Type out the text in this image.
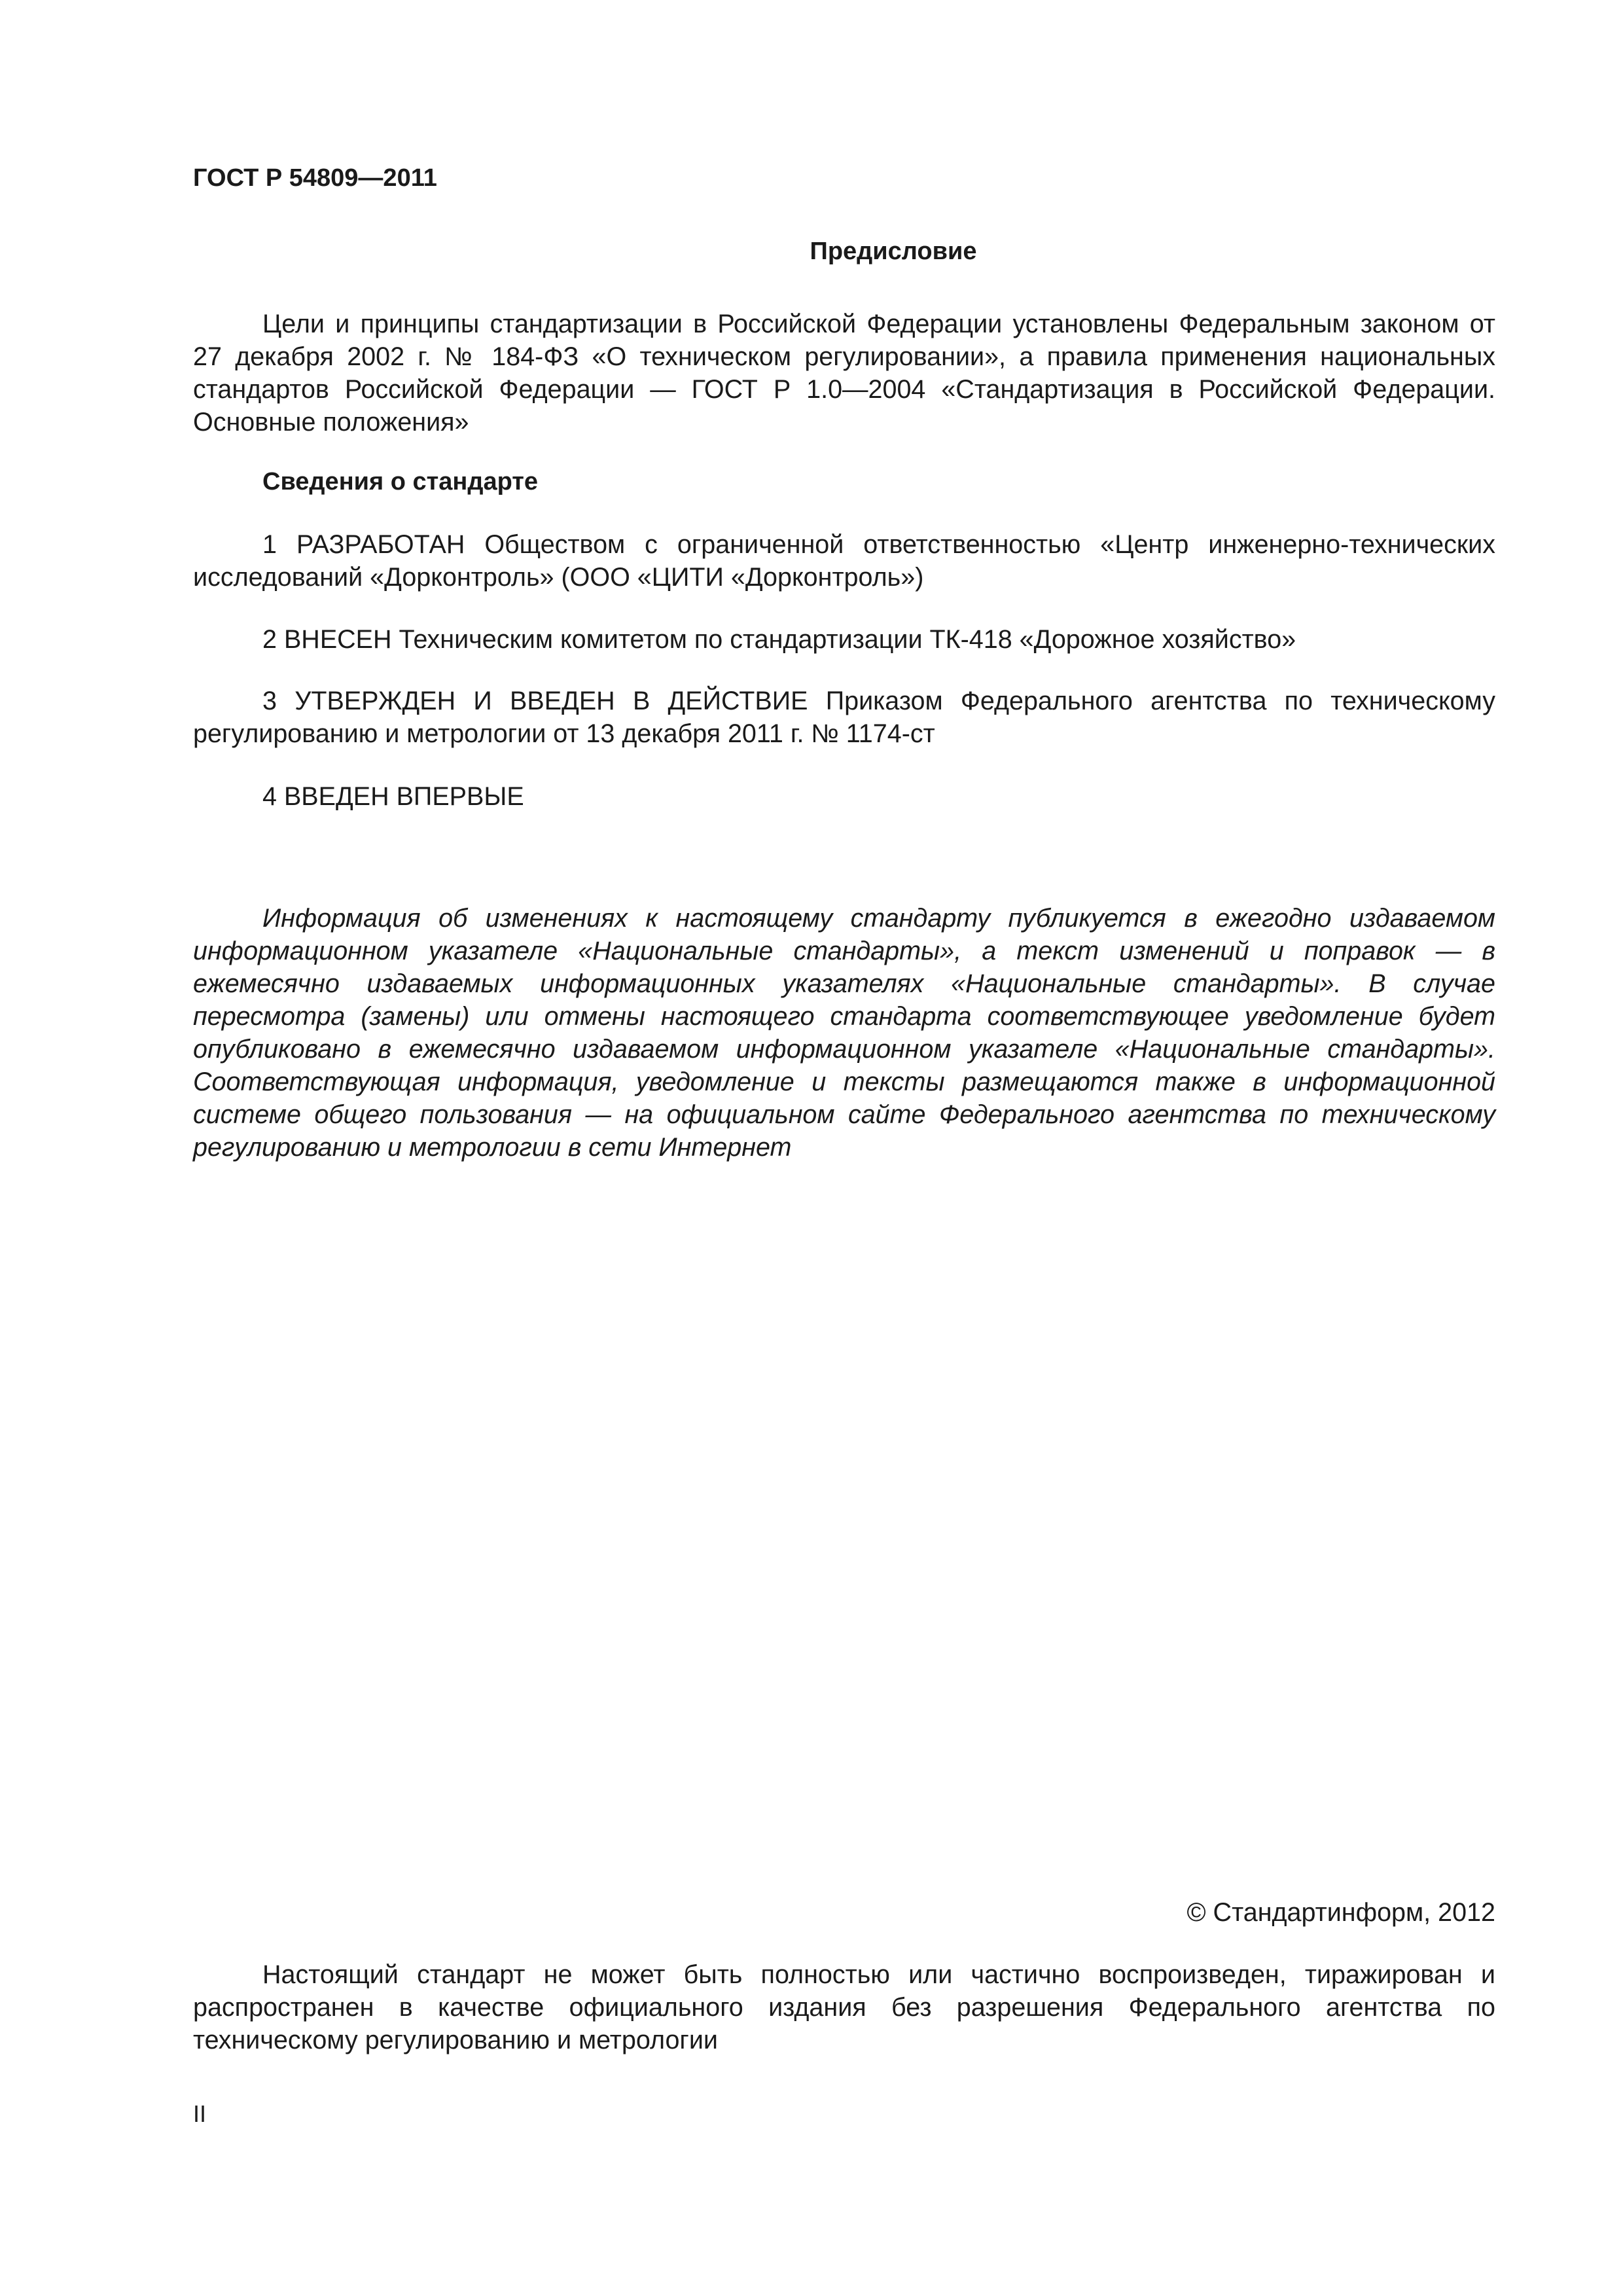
ГОСТ Р 54809—2011

Предисловие

Цели и принципы стандартизации в Российской Федерации установлены Федеральным законом от 27 декабря 2002 г. № 184-ФЗ «О техническом регулировании», а правила применения национальных стандартов Российской Федерации — ГОСТ Р 1.0—2004 «Стандартизация в Российской Федерации. Основные положения»

Сведения о стандарте

1 РАЗРАБОТАН Обществом с ограниченной ответственностью «Центр инженерно-технических исследований «Дорконтроль» (ООО «ЦИТИ «Дорконтроль»)

2 ВНЕСЕН Техническим комитетом по стандартизации ТК-418 «Дорожное хозяйство»

3 УТВЕРЖДЕН И ВВЕДЕН В ДЕЙСТВИЕ Приказом Федерального агентства по техническому регулированию и метрологии от 13 декабря 2011 г. № 1174-ст

4 ВВЕДЕН ВПЕРВЫЕ

Информация об изменениях к настоящему стандарту публикуется в ежегодно издаваемом информационном указателе «Национальные стандарты», а текст изменений и поправок — в ежемесячно издаваемых информационных указателях «Национальные стандарты». В случае пересмотра (замены) или отмены настоящего стандарта соответствующее уведомление будет опубликовано в ежемесячно издаваемом информационном указателе «Национальные стандарты». Соответствующая информация, уведомление и тексты размещаются также в информационной системе общего пользования — на официальном сайте Федерального агентства по техническому регулированию и метрологии в сети Интернет

© Стандартинформ, 2012

Настоящий стандарт не может быть полностью или частично воспроизведен, тиражирован и распространен в качестве официального издания без разрешения Федерального агентства по техническому регулированию и метрологии

II
